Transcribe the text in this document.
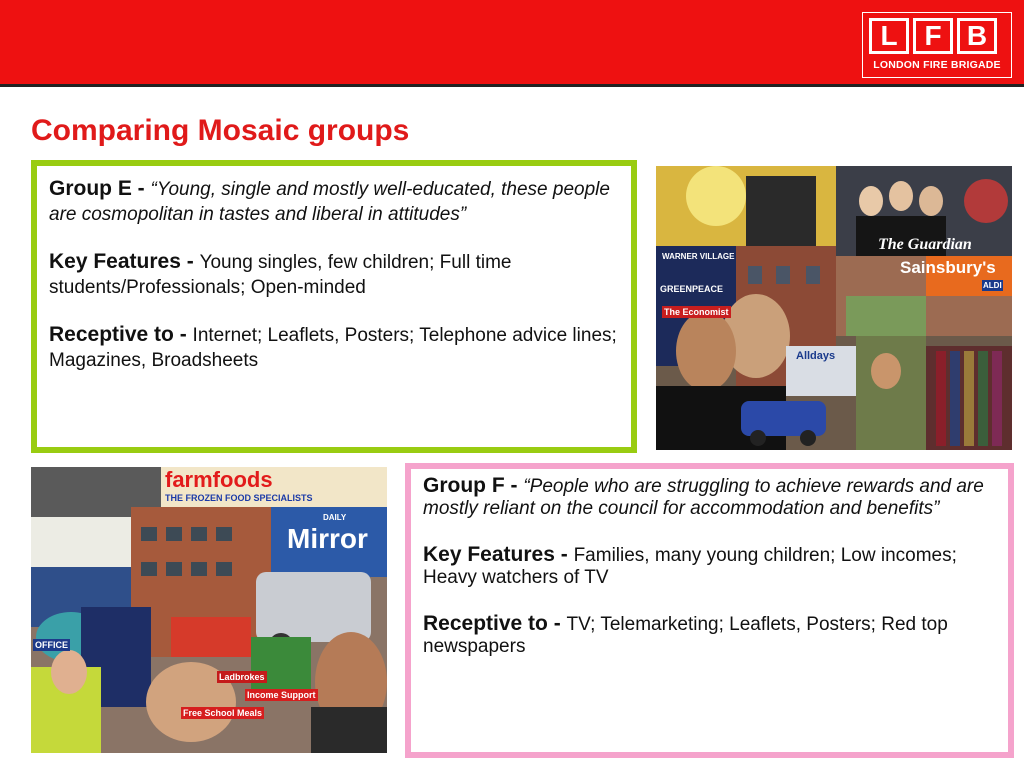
L F B
LONDON FIRE BRIGADE
Comparing Mosaic groups

Group E - “Young, single and mostly well-educated, these people are cosmopolitan in tastes and liberal in attitudes”

Key Features - Young singles, few children; Full time students/Professionals; Open-minded

Receptive to - Internet; Leaflets, Posters; Telephone advice lines; Magazines, Broadsheets

WARNER VILLAGE
GREENPEACE
The Economist
The Guardian
Sainsbury's
ALDI
Alldays
farmfoods
THE FROZEN FOOD SPECIALISTS
DAILY
Mirror
Free School Meals
Income Support
Ladbrokes
OFFICE

Group F - “People who are struggling to achieve rewards and are mostly reliant on the council for accommodation and benefits”

Key Features - Families, many young children; Low incomes; Heavy watchers of TV

Receptive to - TV; Telemarketing; Leaflets, Posters; Red top newspapers
